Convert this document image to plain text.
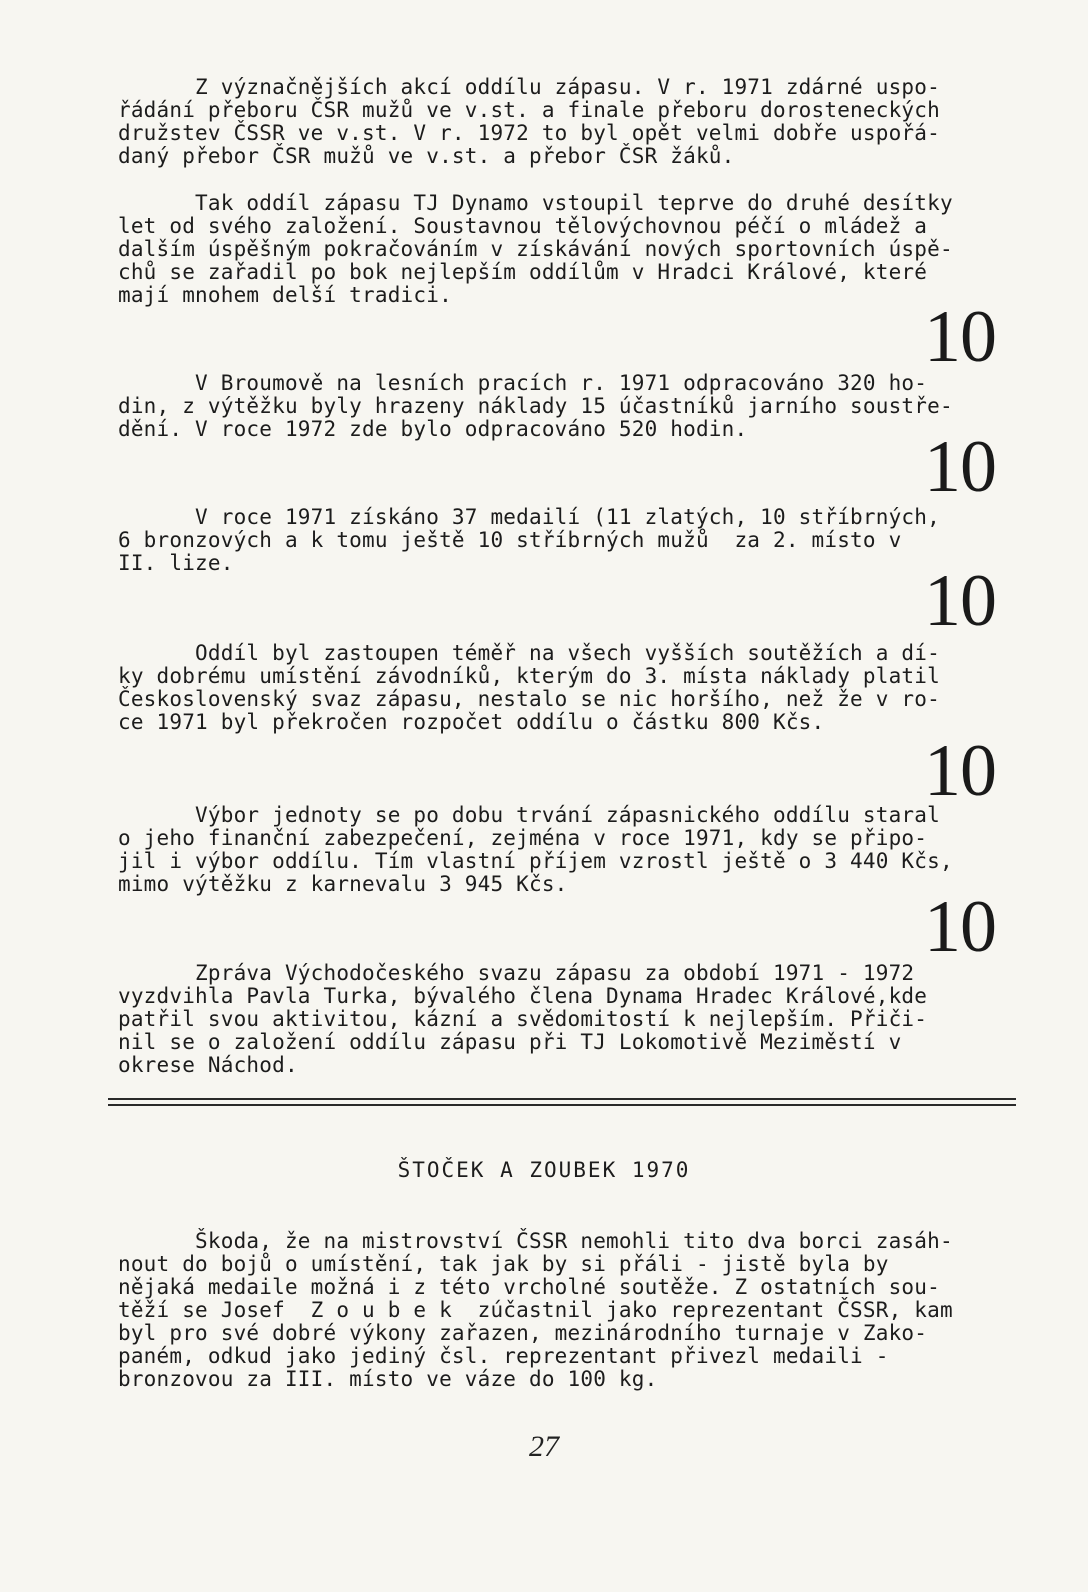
Z význačnějších akcí oddílu zápasu. V r. 1971 zdárné uspo-
řádání přeboru ČSR mužů ve v.st. a finale přeboru dorosteneckých
družstev ČSSR ve v.st. V r. 1972 to byl opět velmi dobře uspořá-
daný přebor ČSR mužů ve v.st. a přebor ČSR žáků.
Tak oddíl zápasu TJ Dynamo vstoupil teprve do druhé desítky
let od svého založení. Soustavnou tělovýchovnou péčí o mládež a
dalším úspěšným pokračováním v získávání nových sportovních úspě-
chů se zařadil po bok nejlepším oddílům v Hradci Králové, které
mají mnohem delší tradici.
10
V Broumově na lesních pracích r. 1971 odpracováno 320 ho-
din, z výtěžku byly hrazeny náklady 15 účastníků jarního soustře-
dění. V roce 1972 zde bylo odpracováno 520 hodin.	10
V roce 1971 získáno 37 medailí (11 zlatých, 10 stříbrných,
6 bronzových a k tomu ještě 10 stříbrných mužů  za 2. místo v
II. lize.	10
Oddíl byl zastoupen téměř na všech vyšších soutěžích a dí-
ky dobrému umístění závodníků, kterým do 3. místa náklady platil
Československý svaz zápasu, nestalo se nic horšího, než že v ro-
ce 1971 byl překročen rozpočet oddílu o částku 800 Kčs.
10
Výbor jednoty se po dobu trvání zápasnického oddílu staral
o jeho finanční zabezpečení, zejména v roce 1971, kdy se připo-
jil i výbor oddílu. Tím vlastní příjem vzrostl ještě o 3 440 Kčs,
mimo výtěžku z karnevalu 3 945 Kčs.
10
Zpráva Východočeského svazu zápasu za období 1971 - 1972
vyzdvihla Pavla Turka, bývalého člena Dynama Hradec Králové,kde
patřil svou aktivitou, kázní a svědomitostí k nejlepším. Přiči-
nil se o založení oddílu zápasu při TJ Lokomotivě Meziměstí v
okrese Náchod.
ŠTOČEK A ZOUBEK 1970
Škoda, že na mistrovství ČSSR nemohli tito dva borci zasáh-
nout do bojů o umístění, tak jak by si přáli - jistě byla by
nějaká medaile možná i z této vrcholné soutěže. Z ostatních sou-
těží se Josef  Z o u b e k  zúčastnil jako reprezentant ČSSR, kam
byl pro své dobré výkony zařazen, mezinárodního turnaje v Zako-
paném, odkud jako jediný čsl. reprezentant přivezl medaili -
bronzovou za III. místo ve váze do 100 kg.
27
